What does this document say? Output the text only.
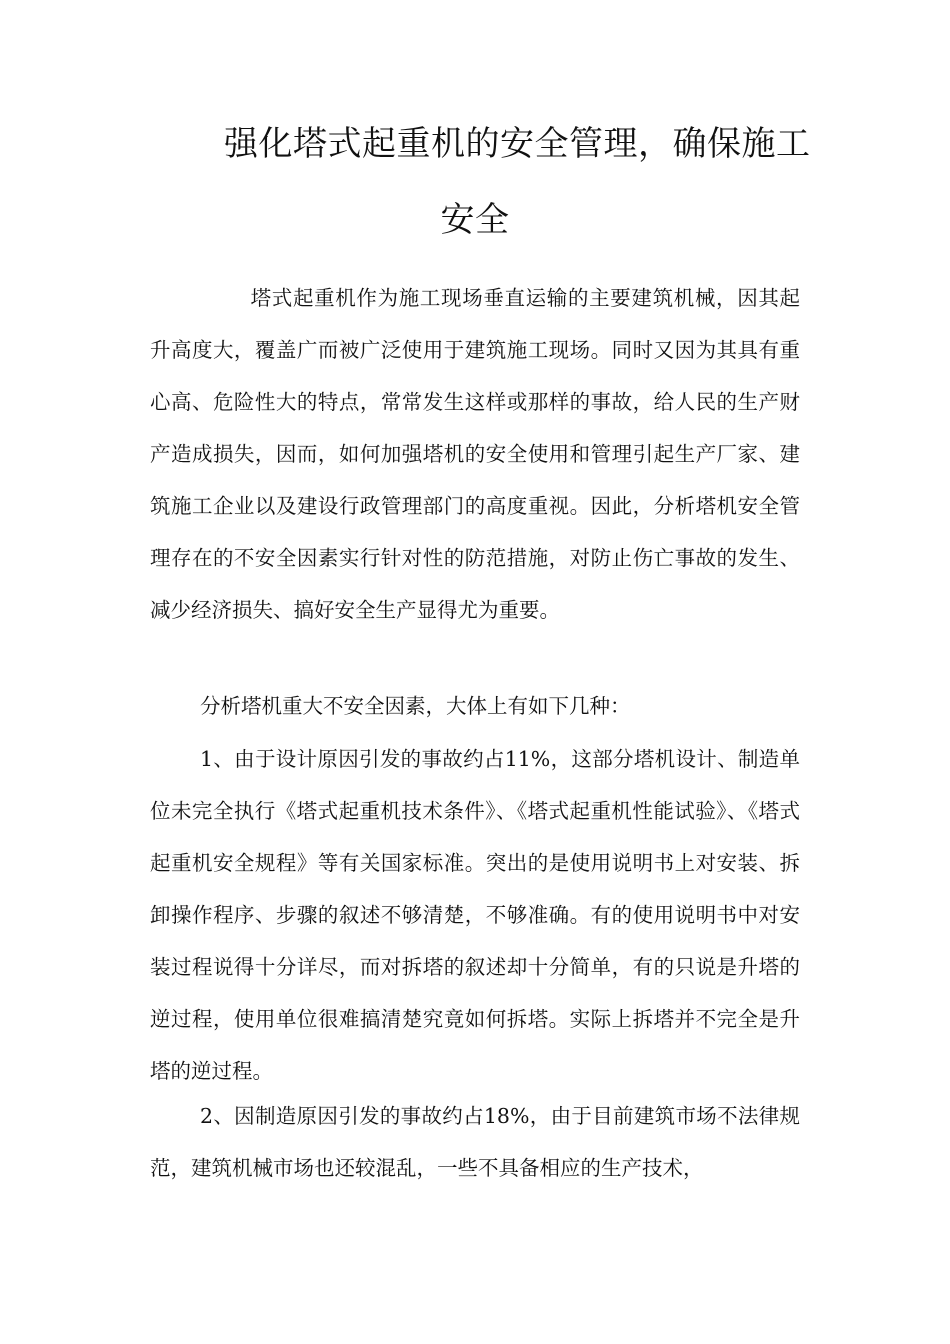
强化塔式起重机的安全管理，确保施工
安全
塔式起重机作为施工现场垂直运输的主要建筑机械，因其起升高度大，覆盖广而被广泛使用于建筑施工现场。同时又因为其具有重心高、危险性大的特点，常常发生这样或那样的事故，给人民的生产财产造成损失，因而，如何加强塔机的安全使用和管理引起生产厂家、建筑施工企业以及建设行政管理部门的高度重视。因此，分析塔机安全管理存在的不安全因素实行针对性的防范措施，对防止伤亡事故的发生、减少经济损失、搞好安全生产显得尤为重要。
分析塔机重大不安全因素，大体上有如下几种：
1、由于设计原因引发的事故约占11%，这部分塔机设计、制造单位未完全执行《塔式起重机技术条件》、《塔式起重机性能试验》、《塔式起重机安全规程》等有关国家标准。突出的是使用说明书上对安装、拆卸操作程序、步骤的叙述不够清楚，不够准确。有的使用说明书中对安装过程说得十分详尽，而对拆塔的叙述却十分简单，有的只说是升塔的逆过程，使用单位很难搞清楚究竟如何拆塔。实际上拆塔并不完全是升塔的逆过程。
2、因制造原因引发的事故约占18%，由于目前建筑市场不法律规范，建筑机械市场也还较混乱，一些不具备相应的生产技术，
